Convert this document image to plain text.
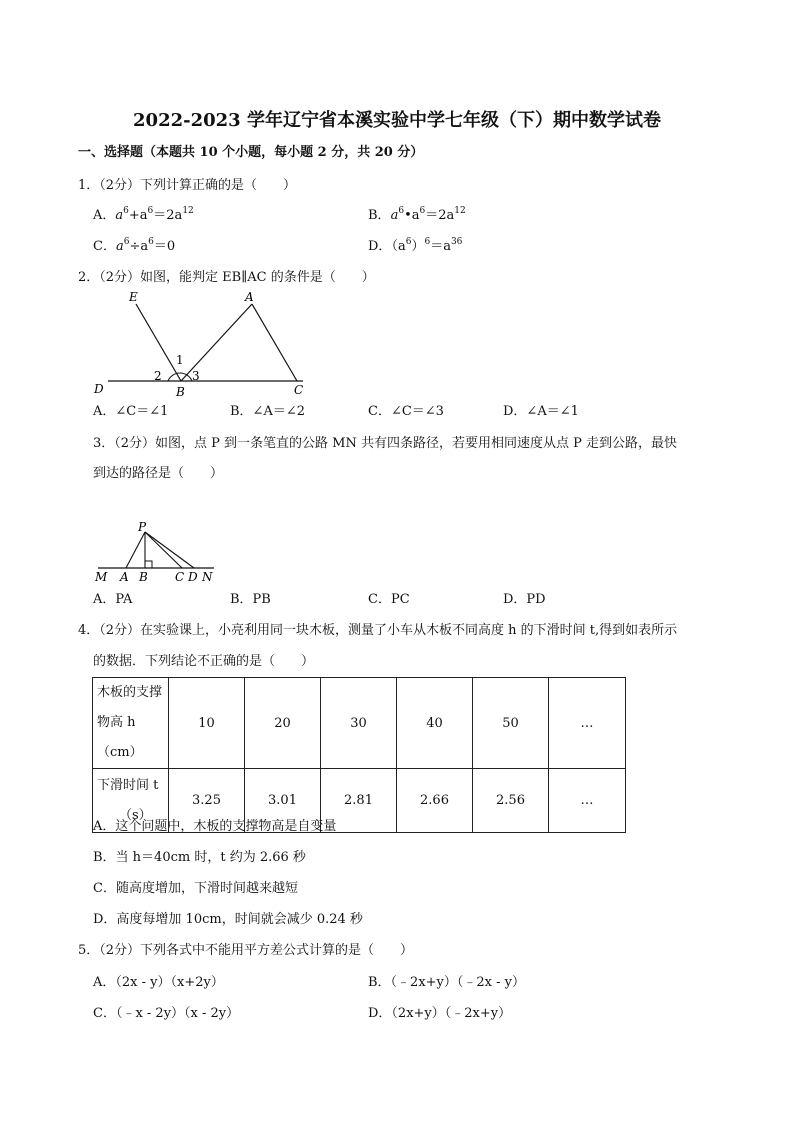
2022-2023 学年辽宁省本溪实验中学七年级（下）期中数学试卷
一、选择题（本题共 10 个小题，每小题 2 分，共 20 分）
1．（2分）下列计算正确的是（　　）
A．$a^6+a^6=2a^{12}$	B．$a^6•a^6=2a^{12}$
C．$a^6\div a^6=0$	D．$(a^6)^6=a^{36}$
2．（2分）如图，能判定 EB∥AC 的条件是（　　）
E	A
D	B	C
1
2	3
A．∠C＝∠1	B．∠A＝∠2	C．∠C＝∠3	D．∠A＝∠1
3．（2分）如图，点 P 到一条笔直的公路 MN 共有四条路径，若要用相同速度从点 P 走到公路，最快
到达的路径是（　　）
P
M A B C D N
A．PA	B．PB	C．PC	D．PD
4．（2分）在实验课上，小亮利用同一块木板，测量了小车从木板不同高度 h 的下滑时间 t,得到如表所示
的数据．下列结论不正确的是（　　）
木板的支撑
物高 h（cm）	10	20	30	40	50	…

下滑时间 t
（s）	3.25	3.01	2.81	2.66	2.56	…
A．这个问题中，木板的支撑物高是自变量
B．当 h＝40cm 时，t 约为 2.66 秒
C．随高度增加，下滑时间越来越短
D．高度每增加 10cm，时间就会减少 0.24 秒
5．（2分）下列各式中不能用平方差公式计算的是（　　）
A．（2x - y）（x+2y）	B．（﹣2x+y）（﹣2x - y）
C．（﹣x - 2y）（x - 2y）	D．（2x+y）（﹣2x+y）
